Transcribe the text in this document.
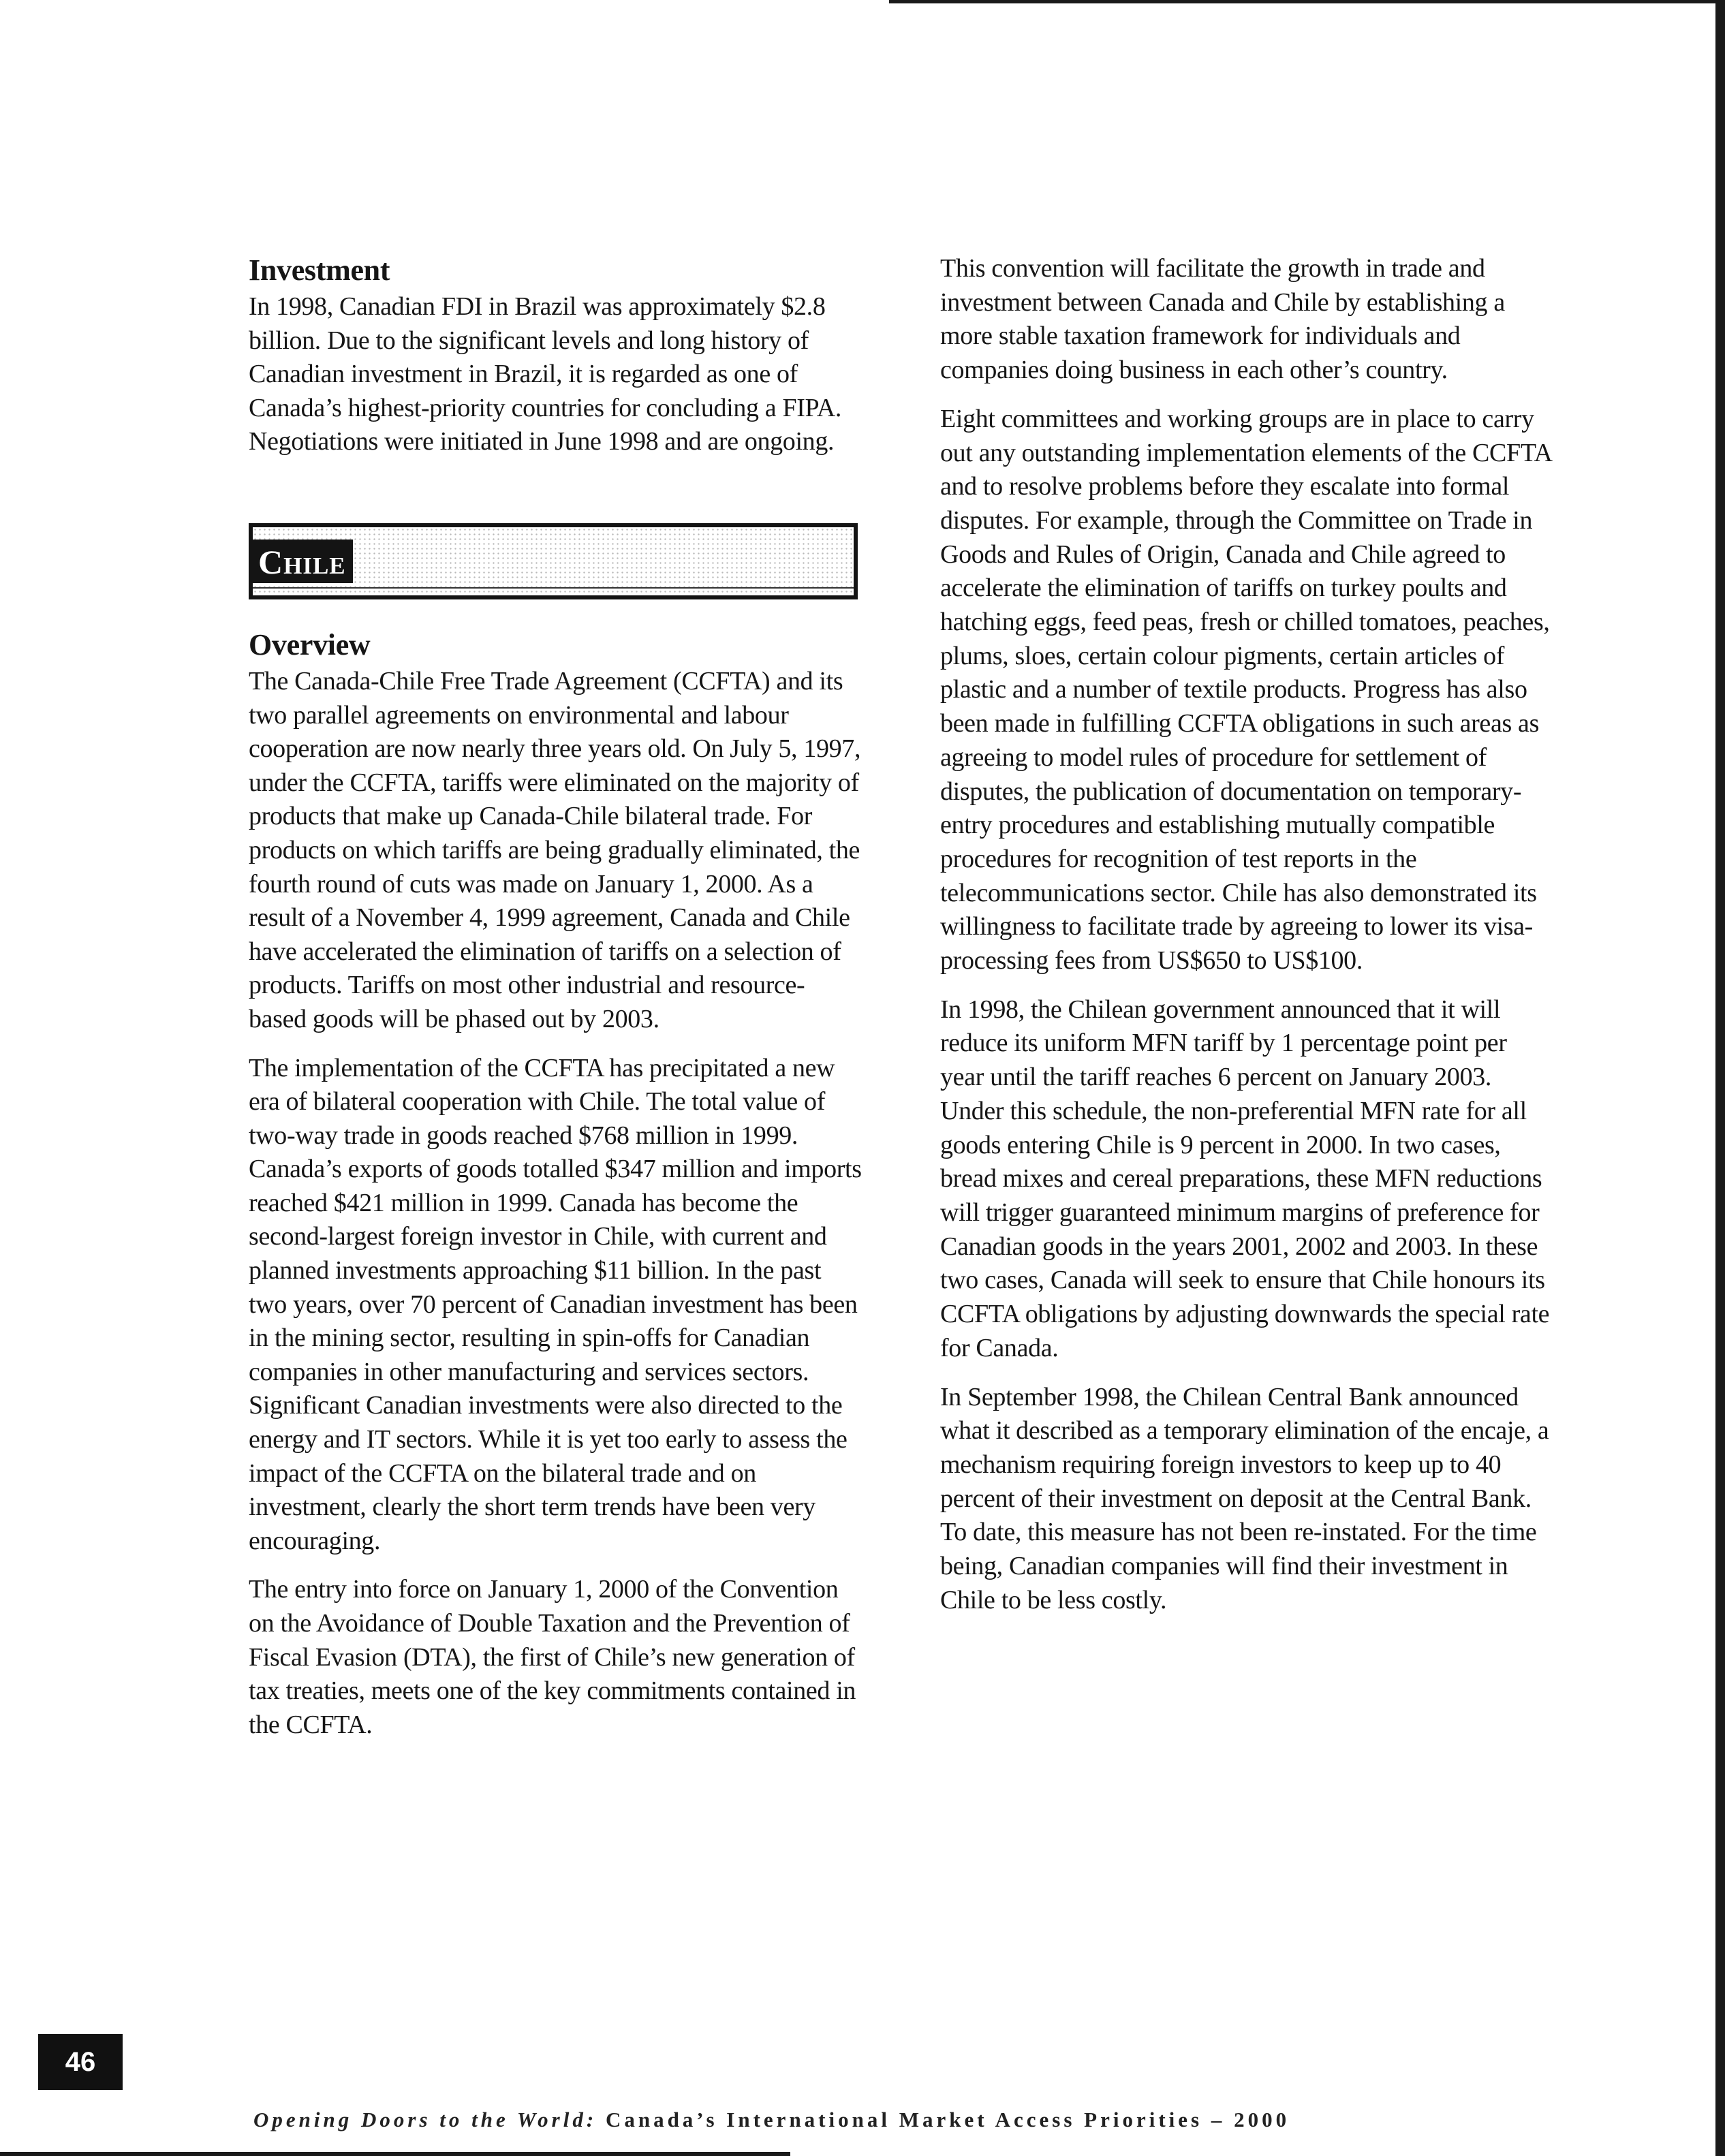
Investment

In 1998, Canadian FDI in Brazil was approximately $2.8 billion. Due to the significant levels and long history of Canadian investment in Brazil, it is regarded as one of Canada’s highest-priority countries for concluding a FIPA. Negotiations were initiated in June 1998 and are ongoing.

Chile
Overview

The Canada-Chile Free Trade Agreement (CCFTA) and its two parallel agreements on environmental and labour cooperation are now nearly three years old. On July 5, 1997, under the CCFTA, tariffs were eliminated on the majority of products that make up Canada-Chile bilateral trade. For products on which tariffs are being gradually eliminated, the fourth round of cuts was made on January 1, 2000. As a result of a November 4, 1999 agreement, Canada and Chile have accelerated the elimination of tariffs on a selection of products. Tariffs on most other industrial and resource-based goods will be phased out by 2003.

The implementation of the CCFTA has precipitated a new era of bilateral cooperation with Chile. The total value of two-way trade in goods reached $768 million in 1999. Canada’s exports of goods totalled $347 million and imports reached $421 million in 1999. Canada has become the second-largest foreign investor in Chile, with current and planned investments approaching $11 billion. In the past two years, over 70 percent of Canadian investment has been in the mining sector, resulting in spin-offs for Canadian companies in other manufacturing and services sectors. Significant Canadian investments were also directed to the energy and IT sectors. While it is yet too early to assess the impact of the CCFTA on the bilateral trade and on investment, clearly the short term trends have been very encouraging.

The entry into force on January 1, 2000 of the Convention on the Avoidance of Double Taxation and the Prevention of Fiscal Evasion (DTA), the first of Chile’s new generation of tax treaties, meets one of the key commitments contained in the CCFTA.

This convention will facilitate the growth in trade and investment between Canada and Chile by establishing a more stable taxation framework for individuals and companies doing business in each other’s country.

Eight committees and working groups are in place to carry out any outstanding implementation elements of the CCFTA and to resolve problems before they escalate into formal disputes. For example, through the Committee on Trade in Goods and Rules of Origin, Canada and Chile agreed to accelerate the elimination of tariffs on turkey poults and hatching eggs, feed peas, fresh or chilled tomatoes, peaches, plums, sloes, certain colour pigments, certain articles of plastic and a number of textile products. Progress has also been made in fulfilling CCFTA obligations in such areas as agreeing to model rules of procedure for settlement of disputes, the publication of documentation on temporary-entry procedures and establishing mutually compatible procedures for recognition of test reports in the telecommunications sector. Chile has also demonstrated its willingness to facilitate trade by agreeing to lower its visa-processing fees from US$650 to US$100.

In 1998, the Chilean government announced that it will reduce its uniform MFN tariff by 1 percentage point per year until the tariff reaches 6 percent on January 2003. Under this schedule, the non-preferential MFN rate for all goods entering Chile is 9 percent in 2000. In two cases, bread mixes and cereal preparations, these MFN reductions will trigger guaranteed minimum margins of preference for Canadian goods in the years 2001, 2002 and 2003. In these two cases, Canada will seek to ensure that Chile honours its CCFTA obligations by adjusting downwards the special rate for Canada.

In September 1998, the Chilean Central Bank announced what it described as a temporary elimination of the encaje, a mechanism requiring foreign investors to keep up to 40 percent of their investment on deposit at the Central Bank. To date, this measure has not been re-instated. For the time being, Canadian companies will find their investment in Chile to be less costly.

46
Opening Doors to the World: Canada’s International Market Access Priorities – 2000
